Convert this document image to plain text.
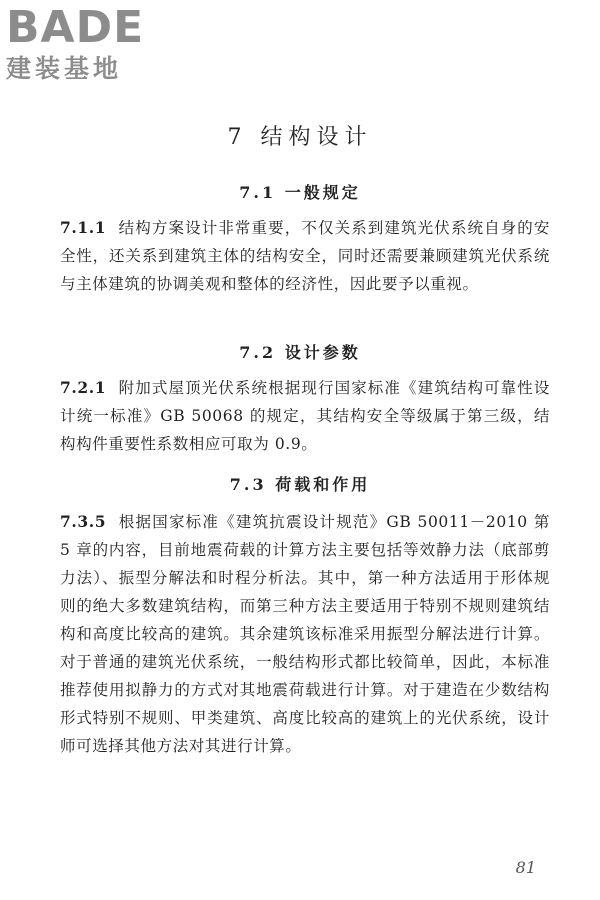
BADE
建装基地
7 结构设计
7.1 一般规定
7.1.1 结构方案设计非常重要，不仅关系到建筑光伏系统自身的安全性，还关系到建筑主体的结构安全，同时还需要兼顾建筑光伏系统与主体建筑的协调美观和整体的经济性，因此要予以重视。
7.2 设计参数
7.2.1 附加式屋顶光伏系统根据现行国家标准《建筑结构可靠性设计统一标准》GB 50068 的规定，其结构安全等级属于第三级，结构构件重要性系数相应可取为 0.9。
7.3 荷载和作用
7.3.5 根据国家标准《建筑抗震设计规范》GB 50011－2010 第 5 章的内容，目前地震荷载的计算方法主要包括等效静力法（底部剪力法）、振型分解法和时程分析法。其中，第一种方法适用于形体规则的绝大多数建筑结构，而第三种方法主要适用于特别不规则建筑结构和高度比较高的建筑。其余建筑该标准采用振型分解法进行计算。对于普通的建筑光伏系统，一般结构形式都比较简单，因此，本标准推荐使用拟静力的方式对其地震荷载进行计算。对于建造在少数结构形式特别不规则、甲类建筑、高度比较高的建筑上的光伏系统，设计师可选择其他方法对其进行计算。
81
